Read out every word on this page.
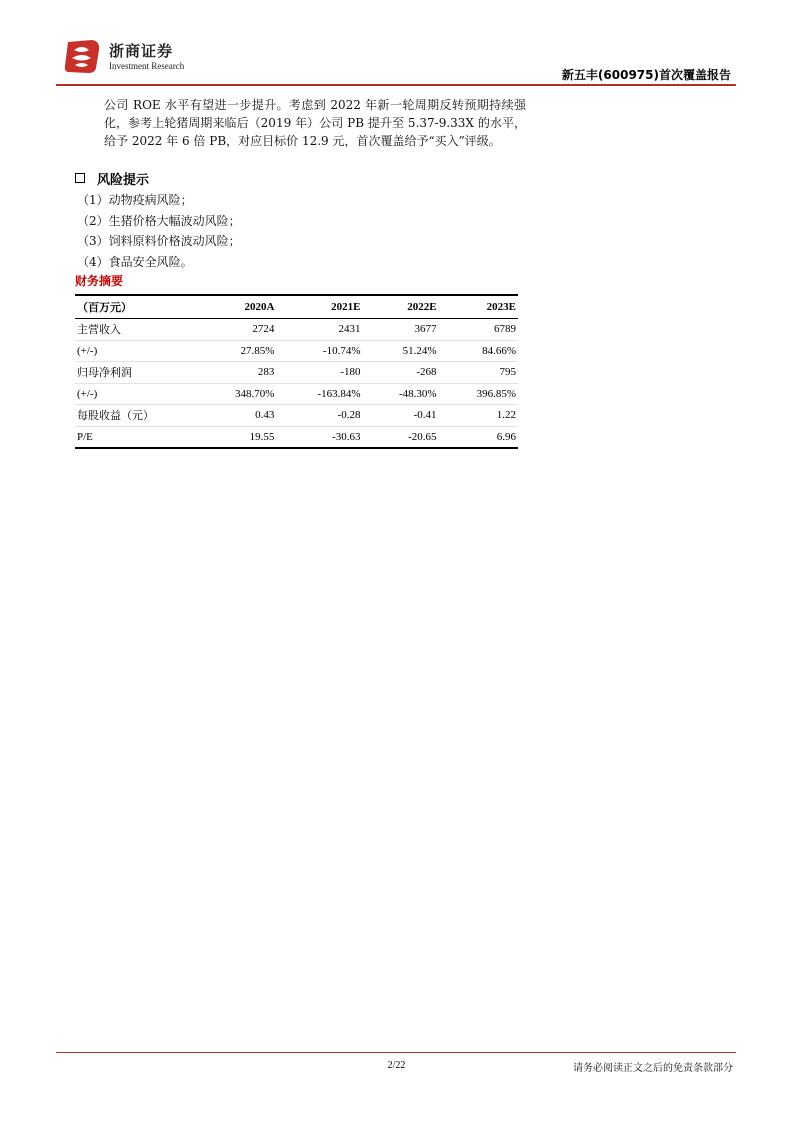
浙商证券
Investment Research
新五丰(600975)首次覆盖报告
公司 ROE 水平有望进一步提升。考虑到 2022 年新一轮周期反转预期持续强化，参考上轮猪周期来临后（2019 年）公司 PB 提升至 5.37-9.33X 的水平，给予 2022 年 6 倍 PB，对应目标价 12.9 元，首次覆盖给予“买入”评级。
风险提示
（1）动物疫病风险；
（2）生猪价格大幅波动风险；
（3）饲料原料价格波动风险；
（4）食品安全风险。
财务摘要
（百万元）	2020A	2021E	2022E	2023E
主营收入	2724	2431	3677	6789
(+/-)	27.85%	-10.74%	51.24%	84.66%
归母净利润	283	-180	-268	795
(+/-)	348.70%	-163.84%	-48.30%	396.85%
每股收益（元）	0.43	-0.28	-0.41	1.22
P/E	19.55	-30.63	-20.65	6.96
2/22	请务必阅读正文之后的免责条款部分
